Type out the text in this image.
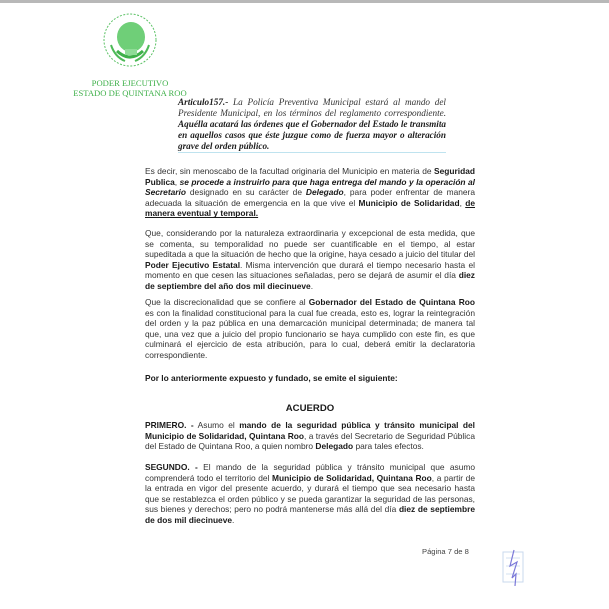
PODER EJECUTIVO
ESTADO DE QUINTANA ROO
Articulo157.- La Policía Preventiva Municipal estará al mando del Presidente Municipal, en los términos del reglamento correspondiente. Aquélla acatará las órdenes que el Gobernador del Estado le transmita en aquellos casos que éste juzgue como de fuerza mayor o alteración grave del orden público.
Es decir, sin menoscabo de la facultad originaria del Municipio en materia de Seguridad Publica, se procede a instruirlo para que haga entrega del mando y la operación al Secretario designado en su carácter de Delegado, para poder enfrentar de manera adecuada la situación de emergencia en la que vive el Municipio de Solidaridad, de manera eventual y temporal.
Que, considerando por la naturaleza extraordinaria y excepcional de esta medida, que se comenta, su temporalidad no puede ser cuantificable en el tiempo, al estar supeditada a que la situación de hecho que la origine, haya cesado a juicio del titular del Poder Ejecutivo Estatal. Misma intervención que durará el tiempo necesario hasta el momento en que cesen las situaciones señaladas, pero se dejará de asumir el día diez de septiembre del año dos mil diecinueve.
Que la discrecionalidad que se confiere al Gobernador del Estado de Quintana Roo es con la finalidad constitucional para la cual fue creada, esto es, lograr la reintegración del orden y la paz pública en una demarcación municipal determinada; de manera tal que, una vez que a juicio del propio funcionario se haya cumplido con este fin, es que culminará el ejercicio de esta atribución, para lo cual, deberá emitir la declaratoria correspondiente.
Por lo anteriormente expuesto y fundado, se emite el siguiente:
ACUERDO
PRIMERO. - Asumo el mando de la seguridad pública y tránsito municipal del Municipio de Solidaridad, Quintana Roo, a través del Secretario de Seguridad Pública del Estado de Quintana Roo, a quien nombro Delegado para tales efectos.
SEGUNDO. - El mando de la seguridad pública y tránsito municipal que asumo comprenderá todo el territorio del Municipio de Solidaridad, Quintana Roo, a partir de la entrada en vigor del presente acuerdo, y durará el tiempo que sea necesario hasta que se restablezca el orden público y se pueda garantizar la seguridad de las personas, sus bienes y derechos; pero no podrá mantenerse más allá del día diez de septiembre de dos mil diecinueve.
Página 7 de 8
